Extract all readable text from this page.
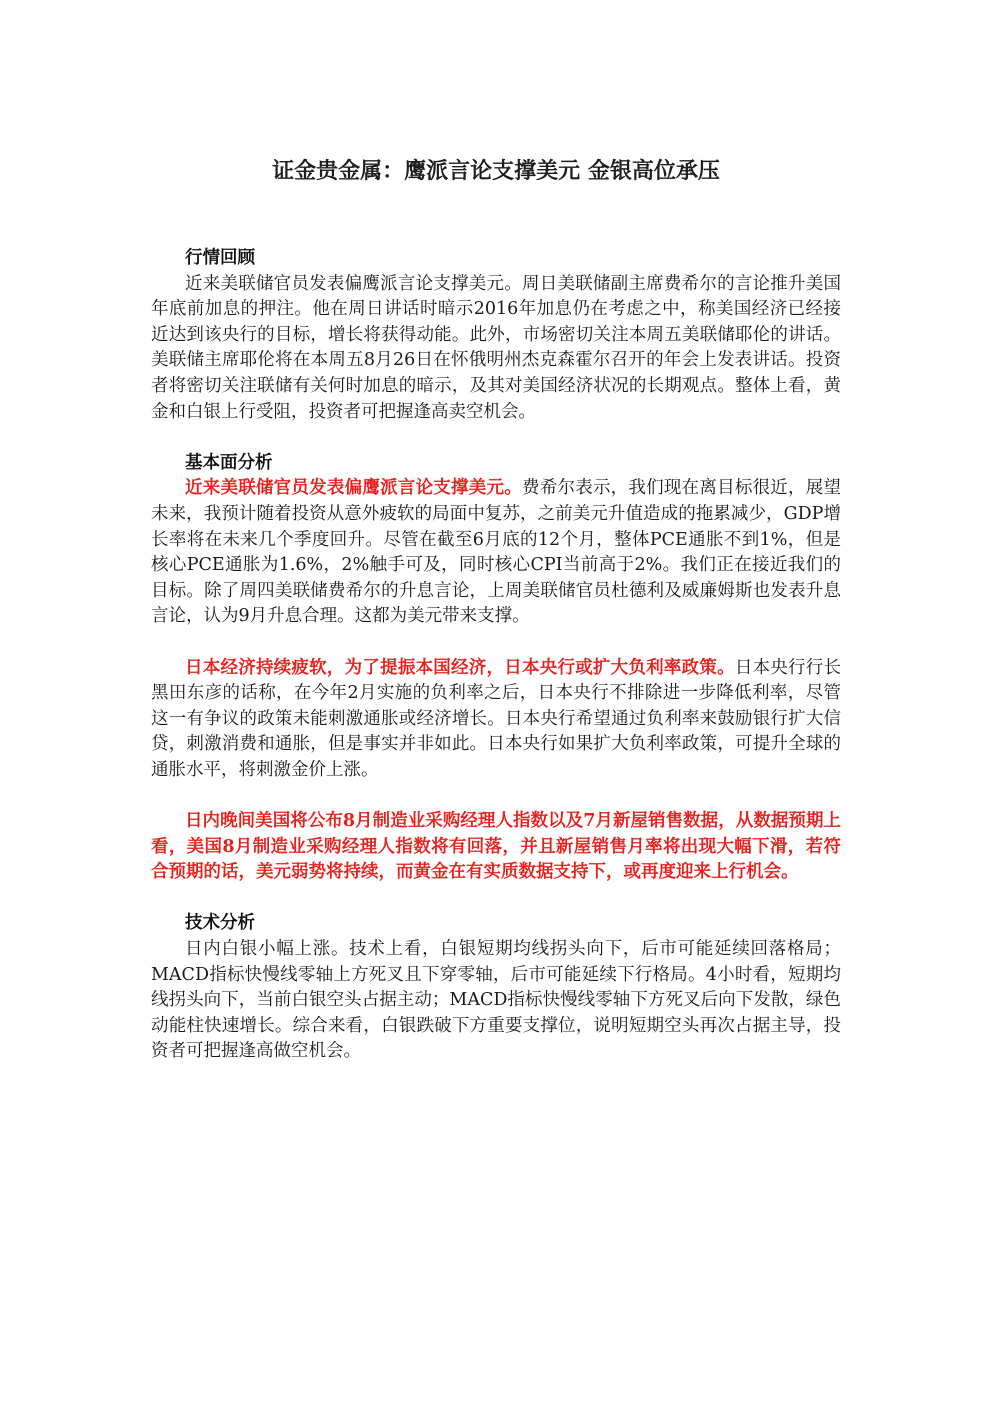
证金贵金属：鹰派言论支撑美元 金银高位承压
行情回顾

近来美联储官员发表偏鹰派言论支撑美元。周日美联储副主席费希尔的言论推升美国年底前加息的押注。他在周日讲话时暗示2016年加息仍在考虑之中，称美国经济已经接近达到该央行的目标，增长将获得动能。此外，市场密切关注本周五美联储耶伦的讲话。美联储主席耶伦将在本周五8月26日在怀俄明州杰克森霍尔召开的年会上发表讲话。投资者将密切关注联储有关何时加息的暗示，及其对美国经济状况的长期观点。整体上看，黄金和白银上行受阻，投资者可把握逢高卖空机会。

基本面分析

近来美联储官员发表偏鹰派言论支撑美元。费希尔表示，我们现在离目标很近，展望未来，我预计随着投资从意外疲软的局面中复苏，之前美元升值造成的拖累减少，GDP增长率将在未来几个季度回升。尽管在截至6月底的12个月，整体PCE通胀不到1%，但是核心PCE通胀为1.6%，2%触手可及，同时核心CPI当前高于2%。我们正在接近我们的目标。除了周四美联储费希尔的升息言论，上周美联储官员杜德利及威廉姆斯也发表升息言论，认为9月升息合理。这都为美元带来支撑。

日本经济持续疲软，为了提振本国经济，日本央行或扩大负利率政策。日本央行行长黑田东彦的话称，在今年2月实施的负利率之后，日本央行不排除进一步降低利率，尽管这一有争议的政策未能刺激通胀或经济增长。日本央行希望通过负利率来鼓励银行扩大信贷，刺激消费和通胀，但是事实并非如此。日本央行如果扩大负利率政策，可提升全球的通胀水平，将刺激金价上涨。

日内晚间美国将公布8月制造业采购经理人指数以及7月新屋销售数据，从数据预期上看，美国8月制造业采购经理人指数将有回落，并且新屋销售月率将出现大幅下滑，若符合预期的话，美元弱势将持续，而黄金在有实质数据支持下，或再度迎来上行机会。

技术分析

日内白银小幅上涨。技术上看，白银短期均线拐头向下，后市可能延续回落格局；MACD指标快慢线零轴上方死叉且下穿零轴，后市可能延续下行格局。4小时看，短期均线拐头向下，当前白银空头占据主动；MACD指标快慢线零轴下方死叉后向下发散，绿色动能柱快速增长。综合来看，白银跌破下方重要支撑位，说明短期空头再次占据主导，投资者可把握逢高做空机会。
